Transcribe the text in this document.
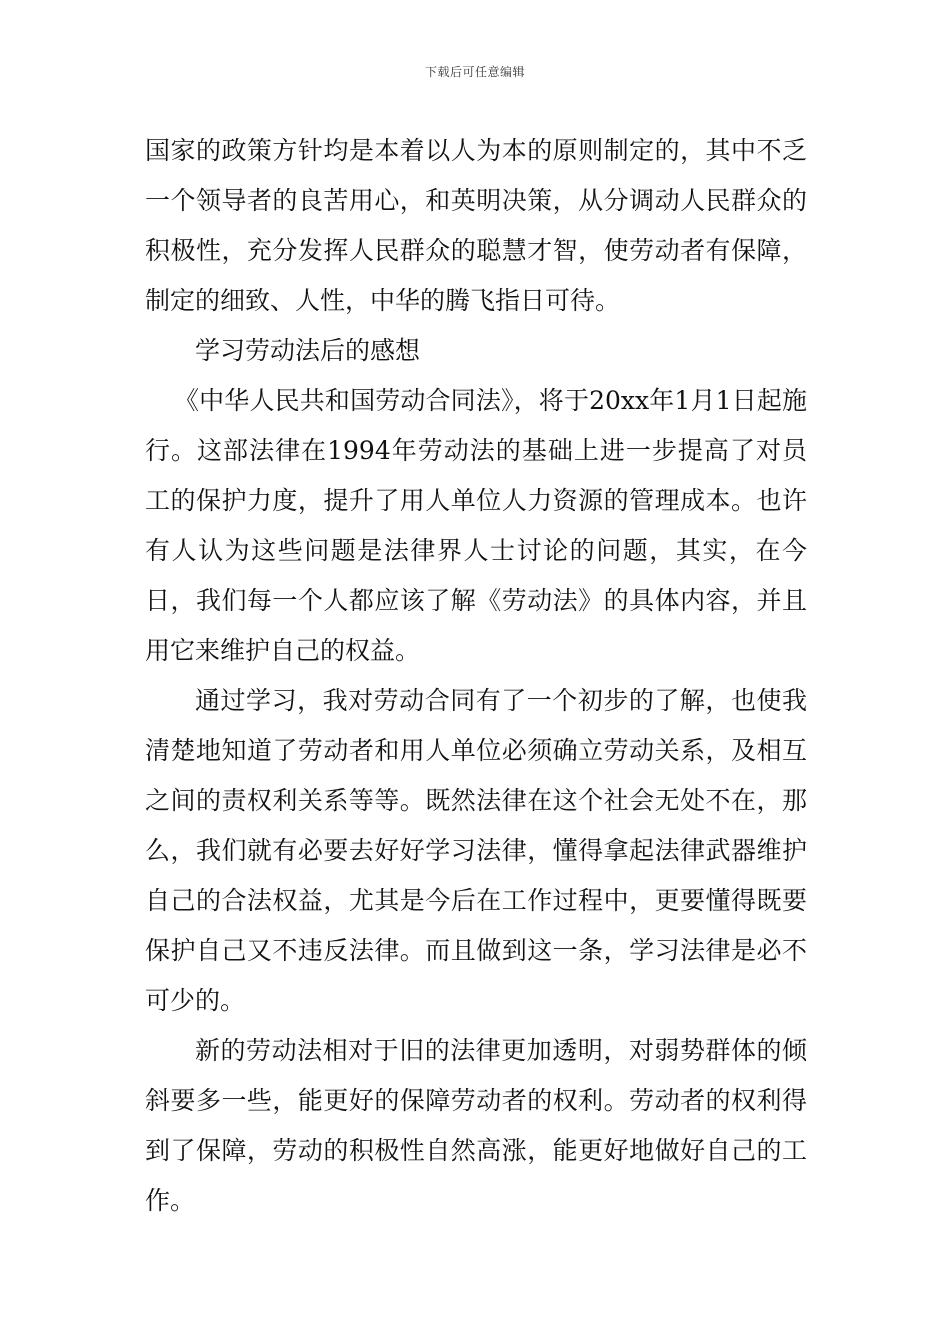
下载后可任意编辑

国家的政策方针均是本着以人为本的原则制定的，其中不乏一个领导者的良苦用心，和英明决策，从分调动人民群众的积极性，充分发挥人民群众的聪慧才智，使劳动者有保障，制定的细致、人性，中华的腾飞指日可待。

学习劳动法后的感想

《中华人民共和国劳动合同法》，将于20xx年1月1日起施行。这部法律在1994年劳动法的基础上进一步提高了对员工的保护力度，提升了用人单位人力资源的管理成本。也许有人认为这些问题是法律界人士讨论的问题，其实，在今日，我们每一个人都应该了解《劳动法》的具体内容，并且用它来维护自己的权益。

通过学习，我对劳动合同有了一个初步的了解，也使我清楚地知道了劳动者和用人单位必须确立劳动关系，及相互之间的责权利关系等等。既然法律在这个社会无处不在，那么，我们就有必要去好好学习法律，懂得拿起法律武器维护自己的合法权益，尤其是今后在工作过程中，更要懂得既要保护自己又不违反法律。而且做到这一条，学习法律是必不可少的。

新的劳动法相对于旧的法律更加透明，对弱势群体的倾斜要多一些，能更好的保障劳动者的权利。劳动者的权利得到了保障，劳动的积极性自然高涨，能更好地做好自己的工作。
